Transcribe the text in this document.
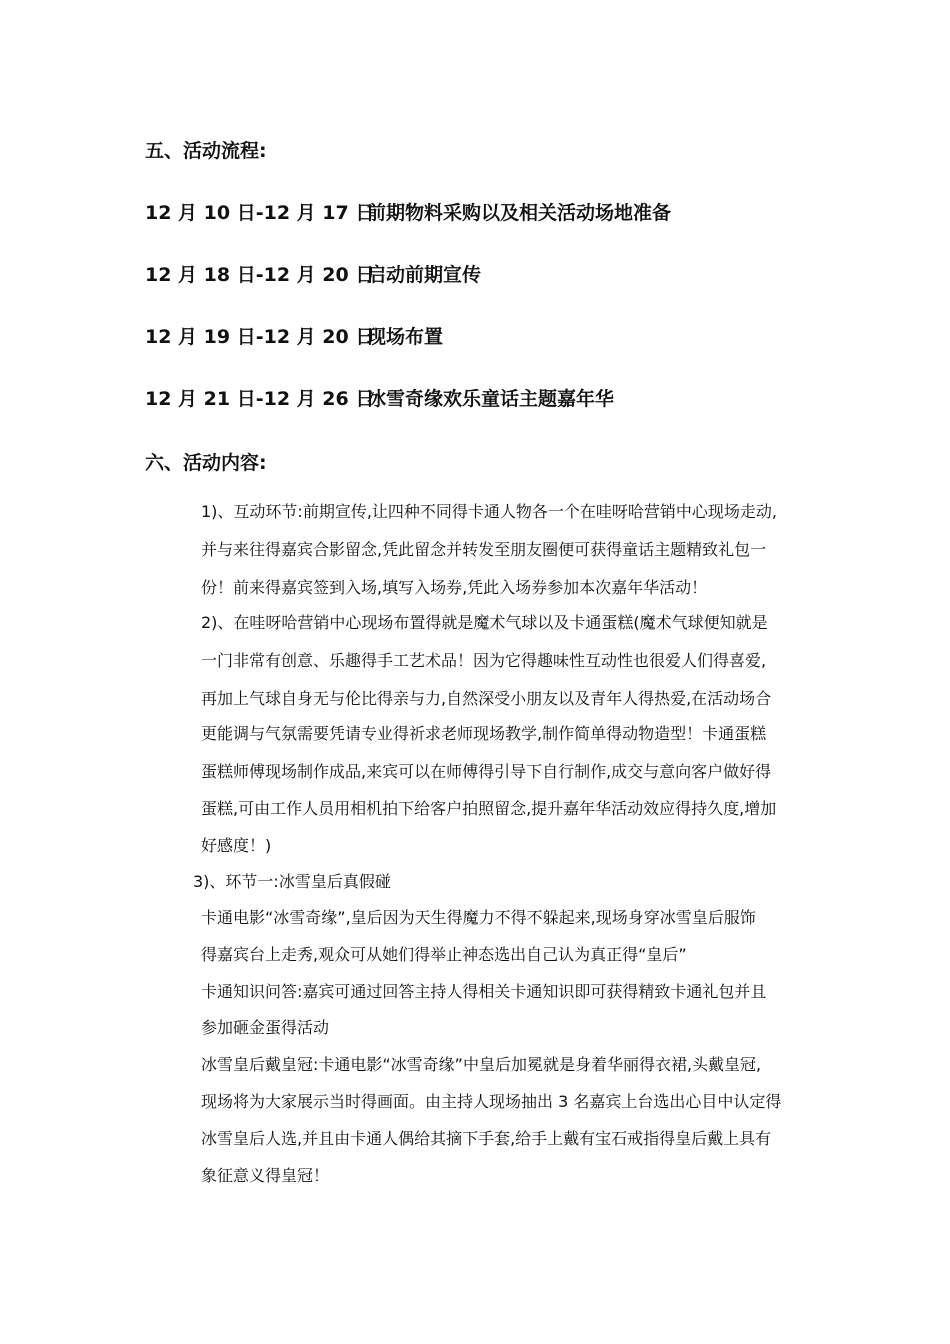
五、活动流程:
12 月 10 日-12 月 17 日前期物料采购以及相关活动场地准备
12 月 18 日-12 月 20 日启动前期宣传
12 月 19 日-12 月 20 日现场布置
12 月 21 日-12 月 26 日冰雪奇缘欢乐童话主题嘉年华
六、活动内容:
1)、互动环节:前期宣传,让四种不同得卡通人物各一个在哇呀哈营销中心现场走动,
并与来往得嘉宾合影留念,凭此留念并转发至朋友圈便可获得童话主题精致礼包一
份！前来得嘉宾签到入场,填写入场券,凭此入场券参加本次嘉年华活动！
2)、在哇呀哈营销中心现场布置得就是魔术气球以及卡通蛋糕(魔术气球便知就是
一门非常有创意、乐趣得手工艺术品！因为它得趣味性互动性也很爱人们得喜爱,
再加上气球自身无与伦比得亲与力,自然深受小朋友以及青年人得热爱,在活动场合
更能调与气氛需要凭请专业得祈求老师现场教学,制作简单得动物造型！卡通蛋糕
蛋糕师傅现场制作成品,来宾可以在师傅得引导下自行制作,成交与意向客户做好得
蛋糕,可由工作人员用相机拍下给客户拍照留念,提升嘉年华活动效应得持久度,增加
好感度！)
3)、环节一:冰雪皇后真假碰
卡通电影“冰雪奇缘”,皇后因为天生得魔力不得不躲起来,现场身穿冰雪皇后服饰
得嘉宾台上走秀,观众可从她们得举止神态选出自己认为真正得“皇后”
卡通知识问答:嘉宾可通过回答主持人得相关卡通知识即可获得精致卡通礼包并且
参加砸金蛋得活动
冰雪皇后戴皇冠:卡通电影“冰雪奇缘”中皇后加冕就是身着华丽得衣裙,头戴皇冠,
现场将为大家展示当时得画面。由主持人现场抽出 3 名嘉宾上台选出心目中认定得
冰雪皇后人选,并且由卡通人偶给其摘下手套,给手上戴有宝石戒指得皇后戴上具有
象征意义得皇冠！
